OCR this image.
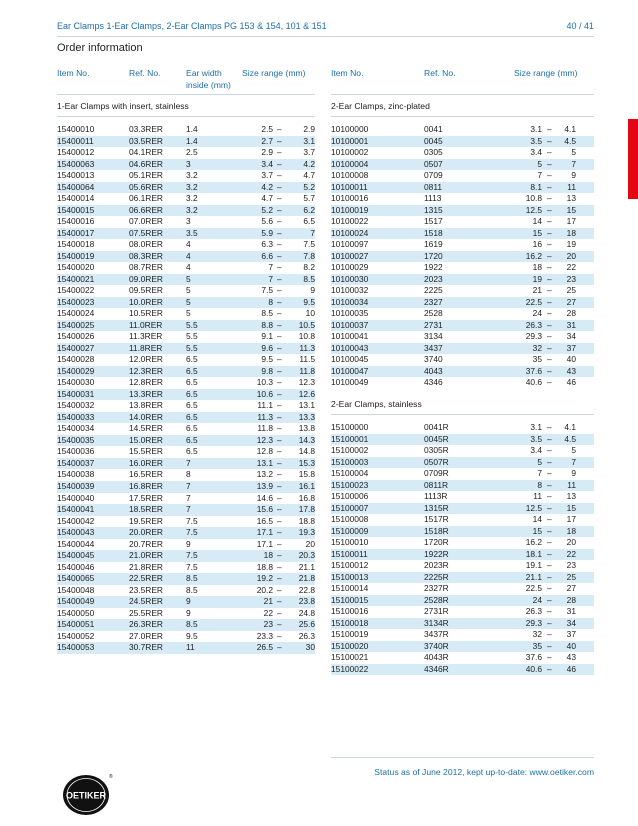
Ear Clamps 1-Ear Clamps, 2-Ear Clamps PG 153 & 154, 101 & 151	40 / 41
Order information
Item No.	Ref. No.	Ear width
inside (mm)
Size range (mm)	Item No.	Ref. No.	Size range (mm)
1-Ear Clamps with insert, stainless	2-Ear Clamps, zinc-plated
15400010	03.3RER	1.4	2.5 –	2.9
15400011	03.5RER	1.4	2.7 –	3.1
15400012	04.1RER	2.5	2.9 –	3.7
15400063	04.6RER	3	3.4 –	4.2
15400013	05.1RER	3.2	3.7 –	4.7
15400064	05.6RER	3.2	4.2 –	5.2
15400014	06.1RER	3.2	4.7 –	5.7
15400015	06.6RER	3.2	5.2 –	6.2
15400016	07.0RER	3	5.6 –	6.5
15400017	07.5RER	3.5	5.9 –	7
15400018	08.0RER	4	6.3 –	7.5
15400019	08.3RER	4	6.6 –	7.8
15400020	08.7RER	4	7 –	8.2
15400021	09.0RER	5	7 –	8.5
15400022	09.5RER	5	7.5 –	9
15400023	10.0RER	5	8 –	9.5
15400024	10.5RER	5	8.5 –	10
15400025	11.0RER	5.5	8.8 –	10.5
15400026	11.3RER	5.5	9.1 –	10.8
15400027	11.8RER	5.5	9.6 –	11.3
15400028	12.0RER	6.5	9.5 –	11.5
15400029	12.3RER	6.5	9.8 –	11.8
15400030	12.8RER	6.5	10.3 –	12.3
15400031	13.3RER	6.5	10.6 –	12.6
15400032	13.8RER	6.5	11.1 –	13.1
15400033	14.0RER	6.5	11.3 –	13.3
15400034	14.5RER	6.5	11.8 –	13.8
15400035	15.0RER	6.5	12.3 –	14.3
15400036	15.5RER	6.5	12.8 –	14.8
15400037	16.0RER	7	13.1 –	15.3
15400038	16.5RER	8	13.2 –	15.8
15400039	16.8RER	7	13.9 –	16.1
15400040	17.5RER	7	14.6 –	16.8
15400041	18.5RER	7	15.6 –	17.8
15400042	19.5RER	7.5	16.5 –	18.8
15400043	20.0RER	7.5	17.1 –	19.3
15400044	20.7RER	9	17.1 –	20
15400045	21.0RER	7.5	18 –	20.3
15400046	21.8RER	7.5	18.8 –	21.1
15400065	22.5RER	8.5	19.2 –	21.8
15400048	23.5RER	8.5	20.2 –	22.8
15400049	24.5RER	9	21 –	23.8
15400050	25.5RER	9	22 –	24.8
15400051	26.3RER	8.5	23 –	25.6
15400052	27.0RER	9.5	23.3 –	26.3
15400053	30.7RER	11	26.5 –	30
10100000	0041	3.1 –	4.1
10100001	0045	3.5 –	4.5
10100002	0305	3.4 –	5
10100004	0507	5 –	7
10100008	0709	7 –	9
10100011	0811	8.1 –	11
10100016	1113	10.8 –	13
10100019	1315	12.5 –	15
10100022	1517	14 –	17
10100024	1518	15 –	18
10100097	1619	16 –	19
10100027	1720	16.2 –	20
10100029	1922	18 –	22
10100030	2023	19 –	23
10100032	2225	21 –	25
10100034	2327	22.5 –	27
10100035	2528	24 –	28
10100037	2731	26.3 –	31
10100041	3134	29.3 –	34
10100043	3437	32 –	37
10100045	3740	35 –	40
10100047	4043	37.6 –	43
10100049	4346	40.6 –	46
2-Ear Clamps, stainless
15100000	0041R	3.1 –	4.1
15100001	0045R	3.5 –	4.5
15100002	0305R	3.4 –	5
15100003	0507R	5 –	7
15100004	0709R	7 –	9
15100023	0811R	8 –	11
15100006	1113R	11 –	13
15100007	1315R	12.5 –	15
15100008	1517R	14 –	17
15100009	1518R	15 –	18
15100010	1720R	16.2 –	20
15100011	1922R	18.1 –	22
15100012	2023R	19.1 –	23
15100013	2225R	21.1 –	25
15100014	2327R	22.5 –	27
15100015	2528R	24 –	28
15100016	2731R	26.3 –	31
15100018	3134R	29.3 –	34
15100019	3437R	32 –	37
15100020	3740R	35 –	40
15100021	4043R	37.6 –	43
15100022	4346R	40.6 –	46
Status as of June 2012, kept up-to-date: www.oetiker.com
OETIKER
®
